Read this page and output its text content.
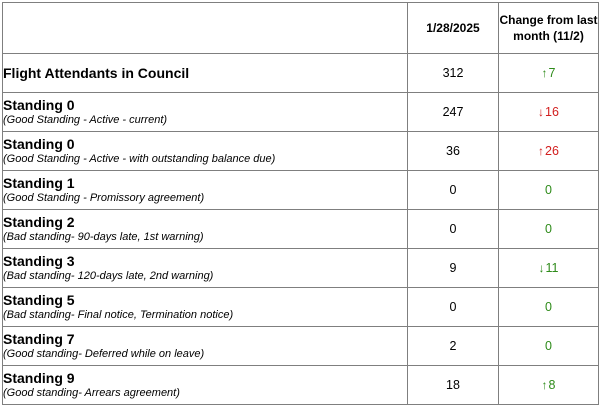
	1/28/2025	Change from last
month (11/2)

Flight Attendants in Council	312	↑7

Standing 0
(Good Standing - Active - current)	247	↓16

Standing 0
(Good Standing - Active - with outstanding balance due)	36	↑26

Standing 1
(Good Standing - Promissory agreement)	0	0

Standing 2
(Bad standing- 90-days late, 1st warning)	0	0

Standing 3
(Bad standing- 120-days late, 2nd warning)	9	↓11

Standing 5
(Bad standing- Final notice, Termination notice)	0	0

Standing 7
(Good standing- Deferred while on leave)	2	0

Standing 9
(Good standing- Arrears agreement)	18	↑8
